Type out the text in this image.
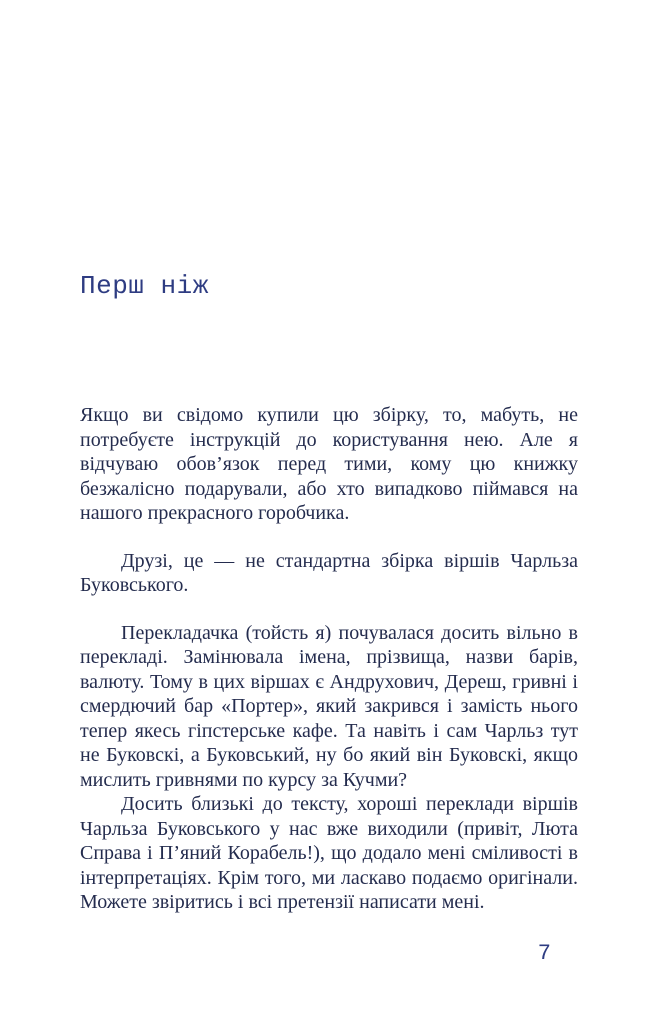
Перш ніж

Якщо ви свідомо купили цю збірку, то, мабуть, не потребуєте інструкцій до користування нею. Але я відчуваю обов’язок перед тими, кому цю книжку безжалісно подарували, або хто випадково піймався на нашого прекрасного горобчика.

Друзі, це — не стандартна збірка віршів Чарльза Буковського.

Перекладачка (тойсть я) почувалася досить вільно в перекладі. Замінювала імена, прізвища, назви барів, валюту. Тому в цих віршах є Андрухович, Дереш, гривні і смердючий бар «Портер», який закрився і замість нього тепер якесь гіпстерське кафе. Та навіть і сам Чарльз тут не Буковскі, а Буковський, ну бо який він Буковскі, якщо мислить гривнями по курсу за Кучми?

Досить близькі до тексту, хороші переклади віршів Чарльза Буковського у нас вже виходили (привіт, Люта Справа і П’яний Корабель!), що додало мені сміливості в інтерпретаціях. Крім того, ми ласкаво подаємо оригінали. Можете звіритись і всі претензії написати мені.

7
